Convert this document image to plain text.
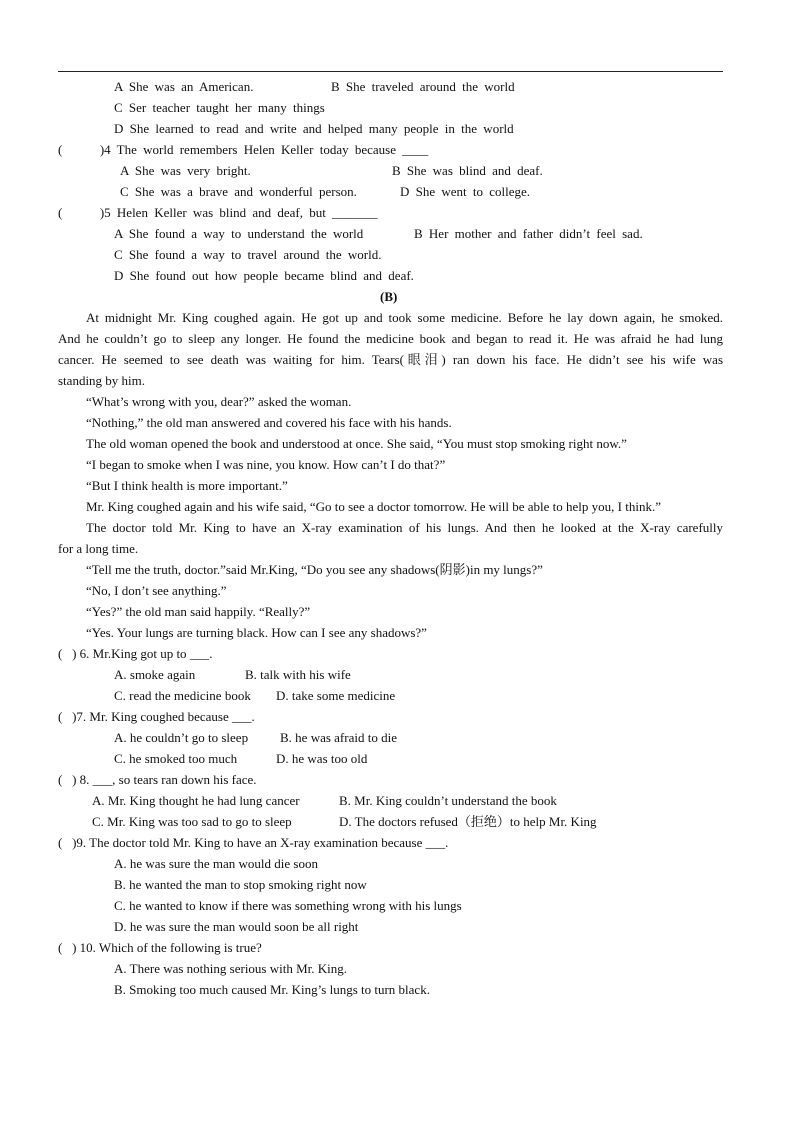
A She was an American.	B She traveled around the world
C Ser teacher taught her many things
D She learned to read and write and helped many people in the world
(      )4 The world remembers Helen Keller today because ____
A She was very bright.	B She was blind and deaf.
C She was a brave and wonderful person.	D She went to college.
(      )5 Helen Keller was blind and deaf, but _______
A She found a way to understand the world	B Her mother and father didn’t feel sad.
C She found a way to travel around the world.
D She found out how people became blind and deaf.
(B)
At midnight Mr. King coughed again. He got up and took some medicine. Before he lay down again, he smoked.
And he couldn’t go to sleep any longer. He found the medicine book and began to read it. He was afraid he had lung
cancer. He seemed to see death was waiting for him. Tears(眼泪) ran down his face. He didn’t see his wife was
standing by him.
“What’s wrong with you, dear?” asked the woman.
“Nothing,” the old man answered and covered his face with his hands.
The old woman opened the book and understood at once. She said, “You must stop smoking right now.”
“I began to smoke when I was nine, you know. How can’t I do that?”
“But I think health is more important.”
Mr. King coughed again and his wife said, “Go to see a doctor tomorrow. He will be able to help you, I think.”
The doctor told Mr. King to have an X-ray examination of his lungs. And then he looked at the X-ray carefully
for a long time.
“Tell me the truth, doctor.”said Mr.King, “Do you see any shadows(阴影)in my lungs?”
“No, I don’t see anything.”
“Yes?” the old man said happily. “Really?”
“Yes. Your lungs are turning black. How can I see any shadows?”
(   ) 6. Mr.King got up to ___.
A. smoke again	B. talk with his wife
C. read the medicine book D. take some medicine
(   )7. Mr. King coughed because ___.
A. he couldn’t go to sleep B. he was afraid to die
C. he smoked too much	D. he was too old
(   ) 8. ___, so tears ran down his face.
A. Mr. King thought he had lung cancer	B. Mr. King couldn’t understand the book
C. Mr. King was too sad to go to sleep	D. The doctors refused（拒绝）to help Mr. King
(   )9. The doctor told Mr. King to have an X-ray examination because ___.
A. he was sure the man would die soon
B. he wanted the man to stop smoking right now
C. he wanted to know if there was something wrong with his lungs
D. he was sure the man would soon be all right
(   ) 10. Which of the following is true?
A. There was nothing serious with Mr. King.
B. Smoking too much caused Mr. King’s lungs to turn black.
